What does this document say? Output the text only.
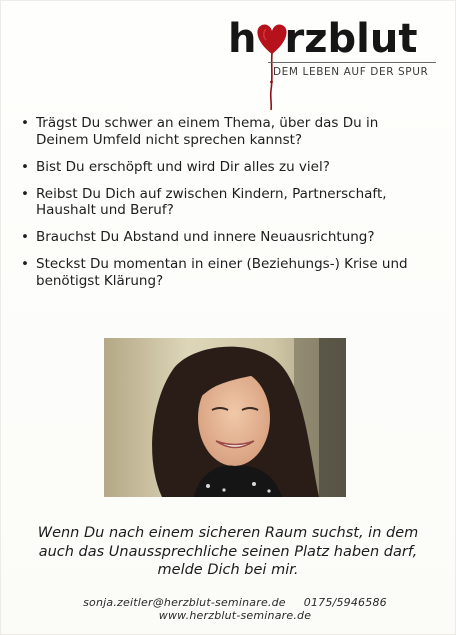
h rzblut
DEM LEBEN AUF DER SPUR
• Trägst Du schwer an einem Thema, über das Du in Deinem Umfeld nicht sprechen kannst?
• Bist Du erschöpft und wird Dir alles zu viel?
• Reibst Du Dich auf zwischen Kindern, Partnerschaft, Haushalt und Beruf?
• Brauchst Du Abstand und innere Neuausrichtung?
• Steckst Du momentan in einer (Beziehungs-) Krise und benötigst Klärung?
Wenn Du nach einem sicheren Raum suchst, in dem
auch das Unaussprechliche seinen Platz haben darf,
melde Dich bei mir.
sonja.zeitler@herzblut-seminare.de 0175/5946586
www.herzblut-seminare.de
